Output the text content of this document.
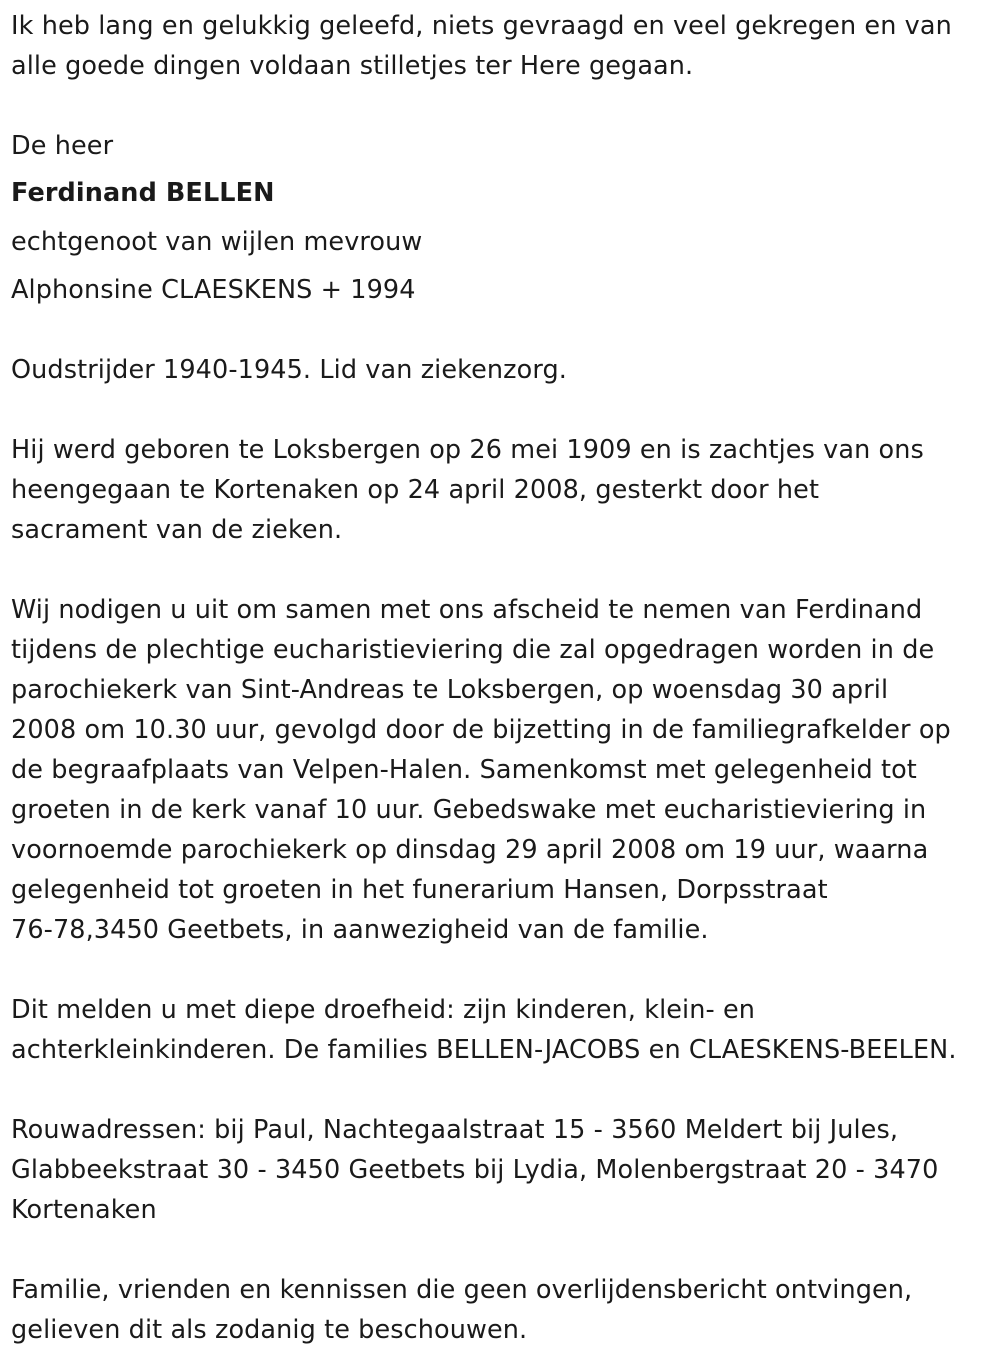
Ik heb lang en gelukkig geleefd, niets gevraagd en veel gekregen en van
alle goede dingen voldaan stilletjes ter Here gegaan.
De heer
Ferdinand BELLEN
echtgenoot van wijlen mevrouw
Alphonsine CLAESKENS + 1994
Oudstrijder 1940-1945. Lid van ziekenzorg.
Hij werd geboren te Loksbergen op 26 mei 1909 en is zachtjes van ons
heengegaan te Kortenaken op 24 april 2008, gesterkt door het
sacrament van de zieken.
Wij nodigen u uit om samen met ons afscheid te nemen van Ferdinand
tijdens de plechtige eucharistieviering die zal opgedragen worden in de
parochiekerk van Sint-Andreas te Loksbergen, op woensdag 30 april
2008 om 10.30 uur, gevolgd door de bijzetting in de familiegrafkelder op
de begraafplaats van Velpen-Halen. Samenkomst met gelegenheid tot
groeten in de kerk vanaf 10 uur. Gebedswake met eucharistieviering in
voornoemde parochiekerk op dinsdag 29 april 2008 om 19 uur, waarna
gelegenheid tot groeten in het funerarium Hansen, Dorpsstraat
76-78,3450 Geetbets, in aanwezigheid van de familie.
Dit melden u met diepe droefheid: zijn kinderen, klein- en
achterkleinkinderen. De families BELLEN-JACOBS en CLAESKENS-BEELEN.
Rouwadressen: bij Paul, Nachtegaalstraat 15 - 3560 Meldert bij Jules,
Glabbeekstraat 30 - 3450 Geetbets bij Lydia, Molenbergstraat 20 - 3470
Kortenaken
Familie, vrienden en kennissen die geen overlijdensbericht ontvingen,
gelieven dit als zodanig te beschouwen.
